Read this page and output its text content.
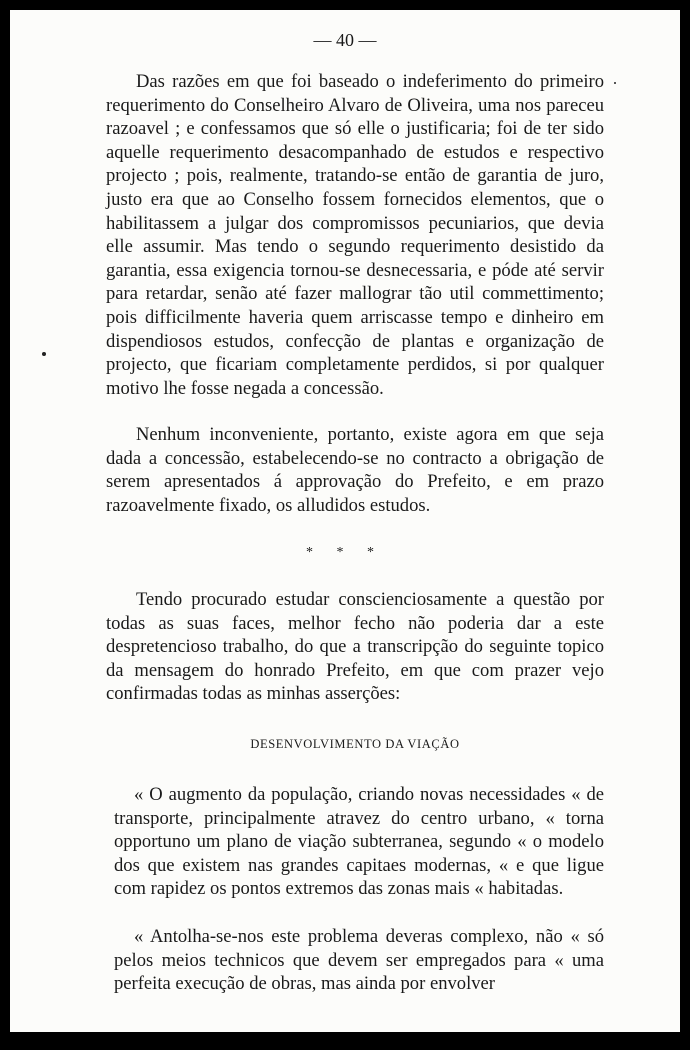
— 40 —

Das razões em que foi baseado o indeferimento do primeiro requerimento do Conselheiro Alvaro de Oliveira, uma nos pareceu razoavel ; e confessamos que só elle o justificaria; foi de ter sido aquelle requerimento desacompanhado de estudos e respectivo projecto ; pois, realmente, tratando-se então de garantia de juro, justo era que ao Conselho fossem fornecidos elementos, que o habilitassem a julgar dos compromissos pecuniarios, que devia elle assumir. Mas tendo o segundo requerimento desistido da garantia, essa exigencia tornou-se desnecessaria, e póde até servir para retardar, senão até fazer mallograr tão util commettimento; pois difficilmente haveria quem arriscasse tempo e dinheiro em dispendiosos estudos, confecção de plantas e organização de projecto, que ficariam completamente perdidos, si por qualquer motivo lhe fosse negada a concessão.

Nenhum inconveniente, portanto, existe agora em que seja dada a concessão, estabelecendo-se no contracto a obrigação de serem apresentados á approvação do Prefeito, e em prazo razoavelmente fixado, os alludidos estudos.

* * *

Tendo procurado estudar conscienciosamente a questão por todas as suas faces, melhor fecho não poderia dar a este despretencioso trabalho, do que a transcripção do seguinte topico da mensagem do honrado Prefeito, em que com prazer vejo confirmadas todas as minhas asserções:

DESENVOLVIMENTO DA VIAÇÃO

« O augmento da população, criando novas necessidades « de transporte, principalmente atravez do centro urbano, « torna opportuno um plano de viação subterranea, segundo « o modelo dos que existem nas grandes capitaes modernas, « e que ligue com rapidez os pontos extremos das zonas mais « habitadas.

« Antolha-se-nos este problema deveras complexo, não « só pelos meios technicos que devem ser empregados para « uma perfeita execução de obras, mas ainda por envolver
